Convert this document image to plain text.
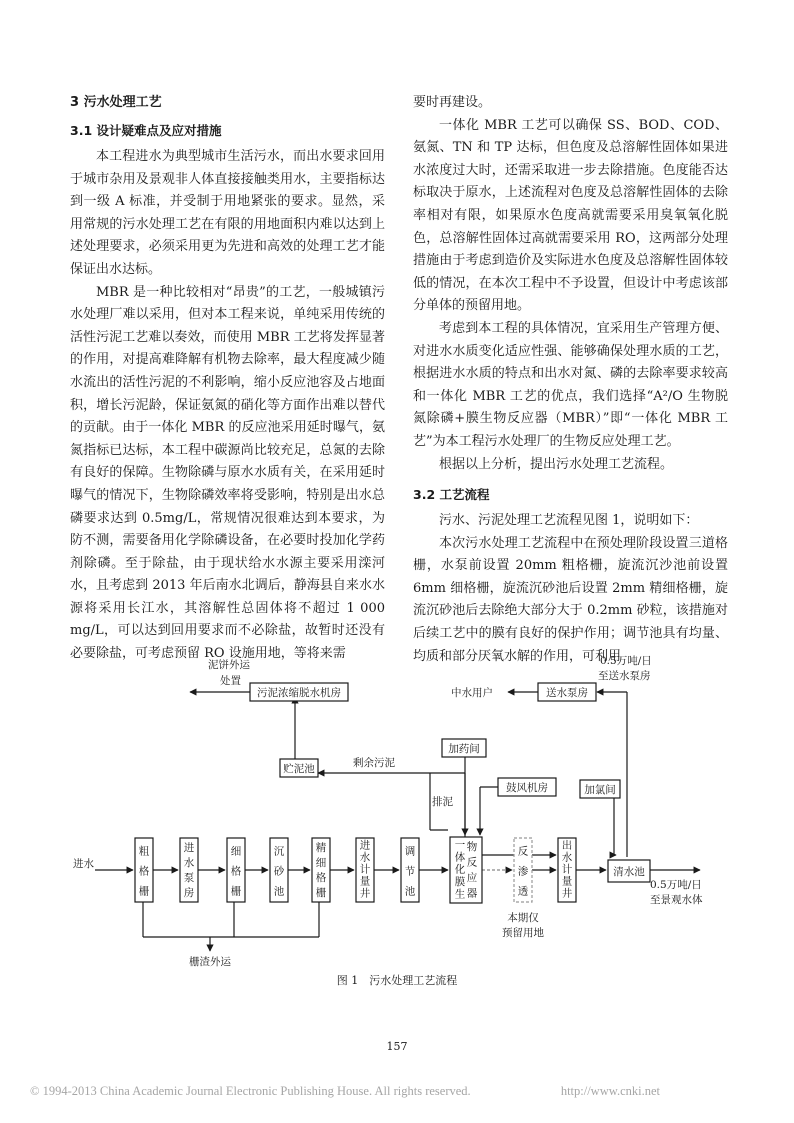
3 污水处理工艺
3.1 设计疑难点及应对措施

本工程进水为典型城市生活污水，而出水要求回用于城市杂用及景观非人体直接接触类用水，主要指标达到一级 A 标准，并受制于用地紧张的要求。显然，采用常规的污水处理工艺在有限的用地面积内难以达到上述处理要求，必须采用更为先进和高效的处理工艺才能保证出水达标。

MBR 是一种比较相对“昂贵”的工艺，一般城镇污水处理厂难以采用，但对本工程来说，单纯采用传统的活性污泥工艺难以奏效，而使用 MBR 工艺将发挥显著的作用，对提高难降解有机物去除率，最大程度减少随水流出的活性污泥的不利影响，缩小反应池容及占地面积，增长污泥龄，保证氨氮的硝化等方面作出难以替代的贡献。由于一体化 MBR 的反应池采用延时曝气，氨氮指标已达标，本工程中碳源尚比较充足，总氮的去除有良好的保障。生物除磷与原水水质有关，在采用延时曝气的情况下，生物除磷效率将受影响，特别是出水总磷要求达到 0.5mg/L，常规情况很难达到本要求，为防不测，需要备用化学除磷设备，在必要时投加化学药剂除磷。至于除盐，由于现状给水水源主要采用滦河水，且考虑到 2013 年后南水北调后，静海县自来水水源将采用长江水，其溶解性总固体将不超过 1 000 mg/L，可以达到回用要求而不必除盐，故暂时还没有必要除盐，可考虑预留 RO 设施用地，等将来需

要时再建设。

一体化 MBR 工艺可以确保 SS、BOD、COD、氨氮、TN 和 TP 达标，但色度及总溶解性固体如果进水浓度过大时，还需采取进一步去除措施。色度能否达标取决于原水，上述流程对色度及总溶解性固体的去除率相对有限，如果原水色度高就需要采用臭氧氧化脱色，总溶解性固体过高就需要采用 RO，这两部分处理措施由于考虑到造价及实际进水色度及总溶解性固体较低的情况，在本次工程中不予设置，但设计中考虑该部分单体的预留用地。

考虑到本工程的具体情况，宜采用生产管理方便、对进水水质变化适应性强、能够确保处理水质的工艺，根据进水水质的特点和出水对氮、磷的去除率要求较高和一体化 MBR 工艺的优点，我们选择“A²/O 生物脱氮除磷+膜生物反应器（MBR）”即“一体化 MBR 工艺”为本工程污水处理厂的生物反应处理工艺。

根据以上分析，提出污水处理工艺流程。

3.2 工艺流程

污水、污泥处理工艺流程见图 1，说明如下：

本次污水处理工艺流程中在预处理阶段设置三道格栅，水泵前设置 20mm 粗格栅，旋流沉沙池前设置 6mm 细格栅，旋流沉砂池后设置 2mm 精细格栅，旋流沉砂池后去除绝大部分大于 0.2mm 砂粒，该措施对后续工艺中的膜有良好的保护作用；调节池具有均量、均质和部分厌氧水解的作用，可利用

粗
格
栅
进
水
泵
房
细
格
栅
沉
砂
池
精
细
格
栅
进
水
计
量
井
调
节
池
一
体
化
膜
生
物
反
应
器
反
渗
透
出
水
计
量
井
进水
清水池
贮泥池
污泥浓缩脱水机房
加药间
鼓风机房	加氯间
送水泵房
中水用户
泥饼外运
处置
剩余污泥
排泥
本期仅
预留用地
栅渣外运
0.5万吨/日
至送水泵房
0.5万吨/日
至景观水体
图 1　污水处理工艺流程
157
© 1994-2013 China Academic Journal Electronic Publishing House. All rights reserved.	http://www.cnki.net
